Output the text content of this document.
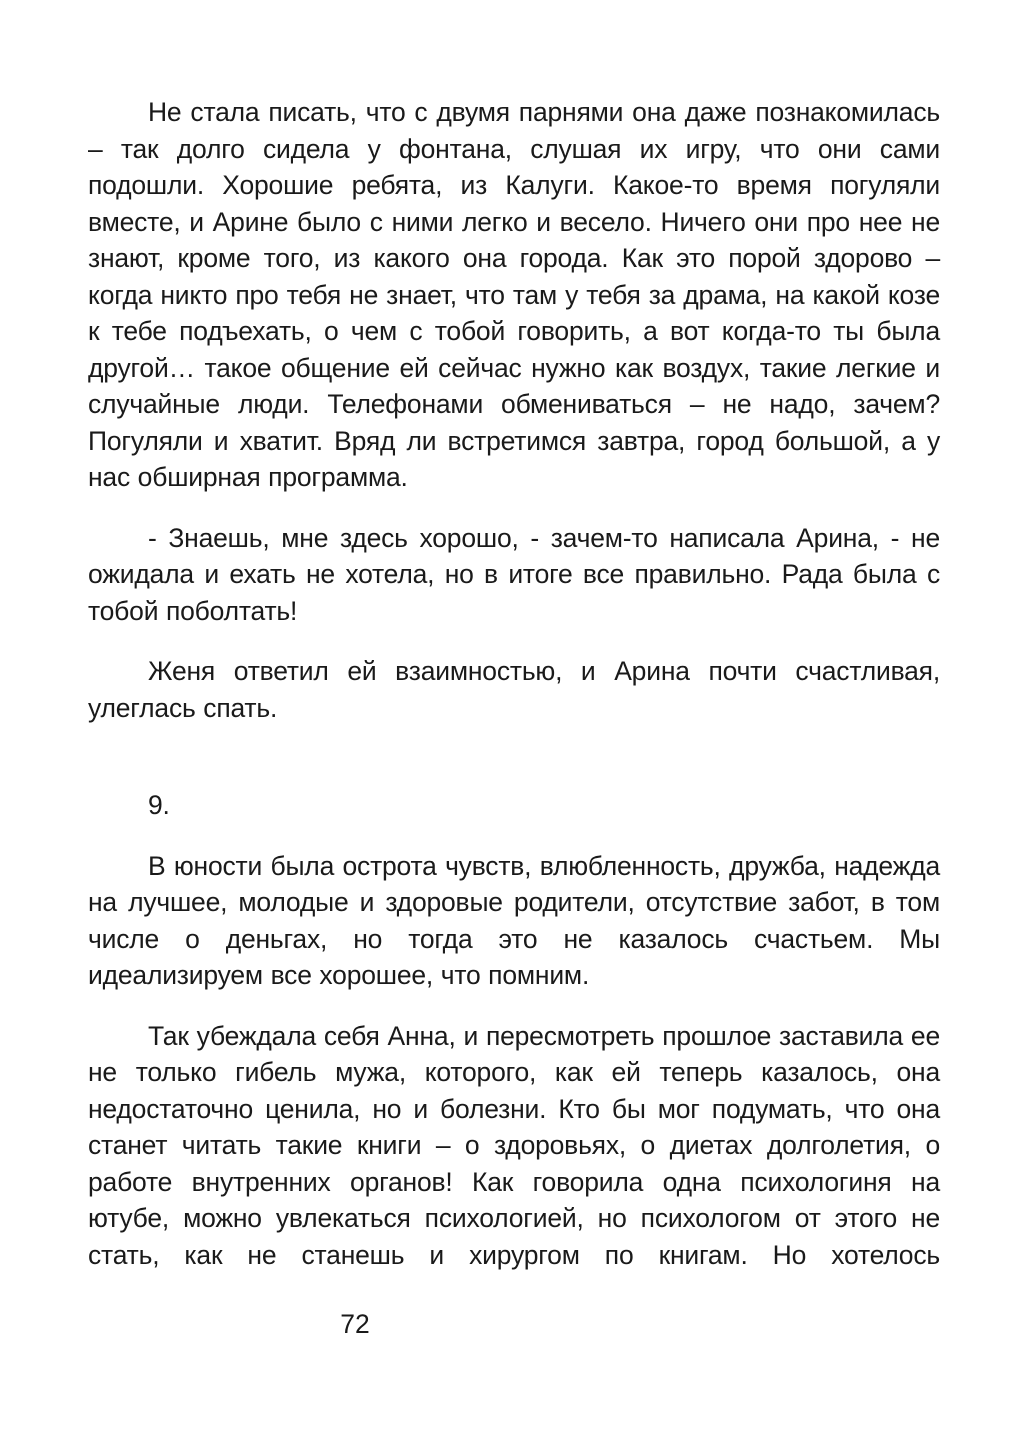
Не стала писать, что с двумя парнями она даже познакомилась – так долго сидела у фонтана, слушая их игру, что они сами подошли. Хорошие ребята, из Калуги. Какое-то время погуляли вместе, и Арине было с ними легко и весело. Ничего они про нее не знают, кроме того, из какого она города. Как это порой здорово – когда никто про тебя не знает, что там у тебя за драма, на какой козе к тебе подъехать, о чем с тобой говорить, а вот когда-то ты была другой… такое общение ей сейчас нужно как воздух, такие легкие и случайные люди. Телефонами обмениваться – не надо, зачем? Погуляли и хватит. Вряд ли встретимся завтра, город большой, а у нас обширная программа.

- Знаешь, мне здесь хорошо, - зачем-то написала Арина, - не ожидала и ехать не хотела, но в итоге все правильно. Рада была с тобой поболтать!

Женя ответил ей взаимностью, и Арина почти счастливая, улеглась спать.

9.

В юности была острота чувств, влюбленность, дружба, надежда на лучшее, молодые и здоровые родители, отсутствие забот, в том числе о деньгах, но тогда это не казалось счастьем. Мы идеализируем все хорошее, что помним.

Так убеждала себя Анна, и пересмотреть прошлое заставила ее не только гибель мужа, которого, как ей теперь казалось, она недостаточно ценила, но и болезни. Кто бы мог подумать, что она станет читать такие книги – о здоровьях, о диетах долголетия, о работе внутренних органов! Как говорила одна психологиня на ютубе, можно увлекаться психологией, но психологом от этого не стать, как не станешь и хирургом по книгам. Но хотелось

72
